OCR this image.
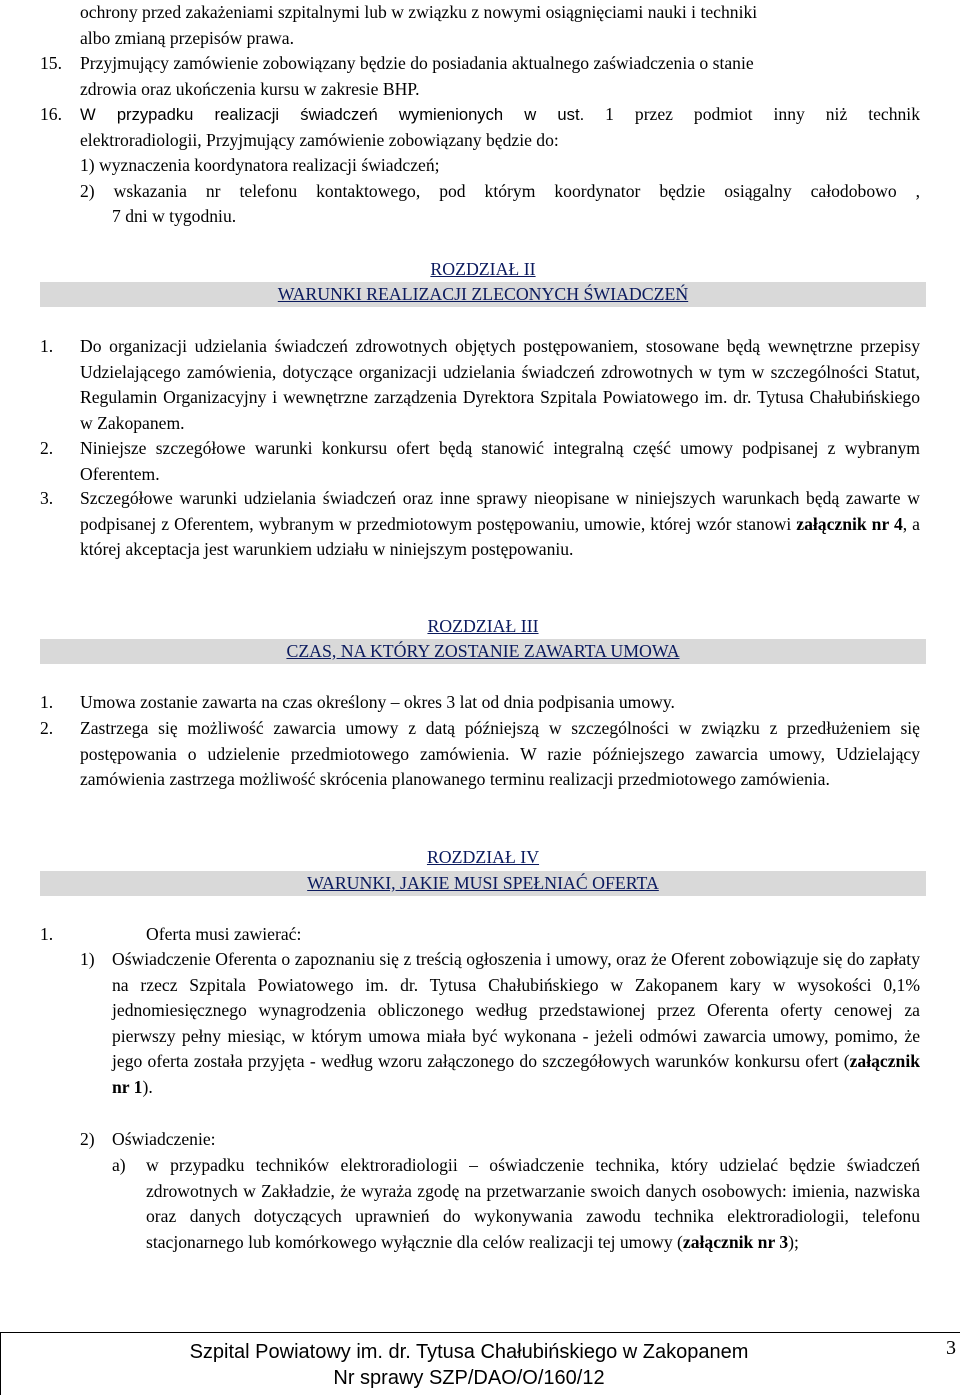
ochrony przed zakażeniami szpitalnymi lub w związku z nowymi osiągnięciami nauki i techniki
albo zmianą przepisów prawa.
15. Przyjmujący zamówienie zobowiązany będzie do posiadania aktualnego zaświadczenia o stanie
zdrowia oraz ukończenia kursu w zakresie BHP.
16. W przypadku realizacji świadczeń wymienionych w ust. 1 przez podmiot inny niż technik
elektroradiologii, Przyjmujący zamówienie zobowiązany będzie do:
1) wyznaczenia koordynatora realizacji świadczeń;
2) wskazania nr telefonu kontaktowego, pod którym koordynator będzie osiągalny całodobowo ,
7 dni w tygodniu.
ROZDZIAŁ II
WARUNKI REALIZACJI ZLECONYCH ŚWIADCZEŃ
1. Do organizacji udzielania świadczeń zdrowotnych objętych postępowaniem, stosowane będą wewnętrzne przepisy Udzielającego zamówienia, dotyczące organizacji udzielania świadczeń zdrowotnych w tym w szczególności Statut, Regulamin Organizacyjny i wewnętrzne zarządzenia Dyrektora Szpitala Powiatowego im. dr. Tytusa Chałubińskiego w Zakopanem.
2. Niniejsze szczegółowe warunki konkursu ofert będą stanowić integralną część umowy podpisanej z wybranym Oferentem.
3. Szczegółowe warunki udzielania świadczeń oraz inne sprawy nieopisane w niniejszych warunkach będą zawarte w podpisanej z Oferentem, wybranym w przedmiotowym postępowaniu, umowie, której wzór stanowi załącznik nr 4, a której akceptacja jest warunkiem udziału w niniejszym postępowaniu.
ROZDZIAŁ III
CZAS, NA KTÓRY ZOSTANIE ZAWARTA UMOWA
1. Umowa zostanie zawarta na czas określony – okres 3 lat od dnia podpisania umowy.
2. Zastrzega się możliwość zawarcia umowy z datą późniejszą w szczególności w związku z przedłużeniem się postępowania o udzielenie przedmiotowego zamówienia. W razie późniejszego zawarcia umowy, Udzielający zamówienia zastrzega możliwość skrócenia planowanego terminu realizacji przedmiotowego zamówienia.
ROZDZIAŁ IV
WARUNKI, JAKIE MUSI SPEŁNIAĆ OFERTA
1.	Oferta musi zawierać:
1) Oświadczenie Oferenta o zapoznaniu się z treścią ogłoszenia i umowy, oraz że Oferent zobowiązuje się do zapłaty na rzecz Szpitala Powiatowego im. dr. Tytusa Chałubińskiego w Zakopanem kary w wysokości 0,1% jednomiesięcznego wynagrodzenia obliczonego według przedstawionej przez Oferenta oferty cenowej za pierwszy pełny miesiąc, w którym umowa miała być wykonana - jeżeli odmówi zawarcia umowy, pomimo, że jego oferta została przyjęta - według wzoru załączonego do szczegółowych warunków konkursu ofert (załącznik nr 1).
2) Oświadczenie:
a) w przypadku techników elektroradiologii – oświadczenie technika, który udzielać będzie świadczeń zdrowotnych w Zakładzie, że wyraża zgodę na przetwarzanie swoich danych osobowych: imienia, nazwiska oraz danych dotyczących uprawnień do wykonywania zawodu technika elektroradiologii, telefonu stacjonarnego lub komórkowego wyłącznie dla celów realizacji tej umowy (załącznik nr 3);
Szpital Powiatowy im. dr. Tytusa Chałubińskiego w Zakopanem
Nr sprawy SZP/DAO/O/160/12
3
